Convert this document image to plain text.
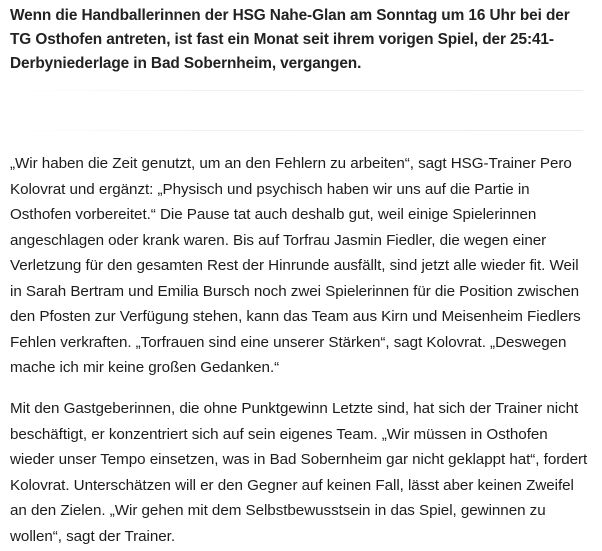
Wenn die Handballerinnen der HSG Nahe-Glan am Sonntag um 16 Uhr bei der TG Osthofen antreten, ist fast ein Monat seit ihrem vorigen Spiel, der 25:41-Derbyniederlage in Bad Sobernheim, vergangen.

„Wir haben die Zeit genutzt, um an den Fehlern zu arbeiten“, sagt HSG-Trainer Pero Kolovrat und ergänzt: „Physisch und psychisch haben wir uns auf die Partie in Osthofen vorbereitet.“ Die Pause tat auch deshalb gut, weil einige Spielerinnen angeschlagen oder krank waren. Bis auf Torfrau Jasmin Fiedler, die wegen einer Verletzung für den gesamten Rest der Hinrunde ausfällt, sind jetzt alle wieder fit. Weil in Sarah Bertram und Emilia Bursch noch zwei Spielerinnen für die Position zwischen den Pfosten zur Verfügung stehen, kann das Team aus Kirn und Meisenheim Fiedlers Fehlen verkraften. „Torfrauen sind eine unserer Stärken“, sagt Kolovrat. „Deswegen mache ich mir keine großen Gedanken.“

Mit den Gastgeberinnen, die ohne Punktgewinn Letzte sind, hat sich der Trainer nicht beschäftigt, er konzentriert sich auf sein eigenes Team. „Wir müssen in Osthofen wieder unser Tempo einsetzen, was in Bad Sobernheim gar nicht geklappt hat“, fordert Kolovrat. Unterschätzen will er den Gegner auf keinen Fall, lässt aber keinen Zweifel an den Zielen. „Wir gehen mit dem Selbstbewusstsein in das Spiel, gewinnen zu wollen“, sagt der Trainer.
